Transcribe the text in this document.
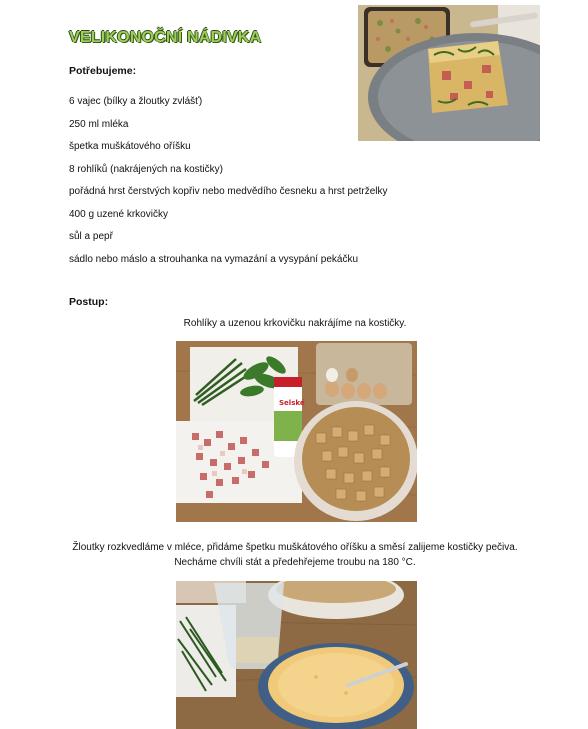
VELIKONOČNÍ NÁDIVKA
Potřebujeme:
6 vajec (bílky a žloutky zvlášť)
250 ml mléka
špetka muškátového oříšku
8 rohlíků (nakrájených na kostičky)
pořádná hrst čerstvých kopřiv nebo medvědího česneku a hrst petrželky
400 g uzené krkovičky
sůl a pepř
sádlo nebo máslo a strouhanka na vymazání a vysypání pekáčku
Postup:
Rohlíky a uzenou krkovičku nakrájíme na kostičky.
Žloutky rozkvedláme v mléce, přidáme špetku muškátového oříšku a směsí zalijeme kostičky pečiva.
Necháme chvíli stát a předehřejeme troubu na 180 °C.
Selské
